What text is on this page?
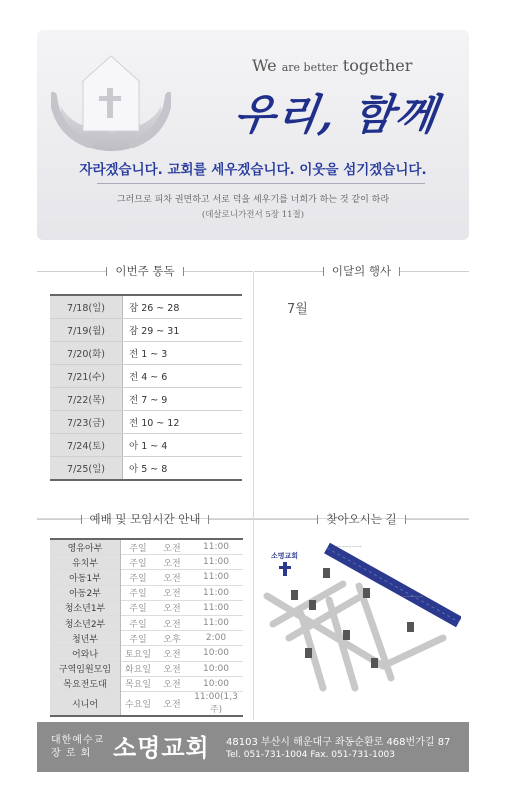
We are better together
우리, 함께
자라겠습니다. 교회를 세우겠습니다. 이웃을 섬기겠습니다.
그러므로 피차 권면하고 서로 덕을 세우기를 너희가 하는 것 같이 하라
(데살로니가전서 5장 11절)
이번주 통독	이달의 행사
예배 및 모임시간 안내	찾아오시는 길
7/18(일)	잠 26 ~ 28
7/19(월)	잠 29 ~ 31
7/20(화)	전 1 ~ 3
7/21(수)	전 4 ~ 6
7/22(목)	전 7 ~ 9
7/23(금)	전 10 ~ 12
7/24(토)	아 1 ~ 4
7/25(일)	아 5 ~ 8
7월
영유아부	주일	오전	11:00
유치부	주일	오전	11:00
아동1부	주일	오전	11:00
아동2부	주일	오전	11:00
청소년1부	주일	오전	11:00
청소년2부	주일	오전	11:00
청년부	주일	오후	2:00
어와나	토요일	오전	10:00
구역임원모임	화요일	오전	10:00
목요전도대	목요일	오전	10:00
시니어	수요일	오전	11:00(1,3주)
소명교회
~~~~~~~~
~~~~~~
대한예수교
장 로 회 소명교회 48103 부산시 해운대구 좌동순환로 468번가길 87
Tel. 051-731-1004 Fax. 051-731-1003
